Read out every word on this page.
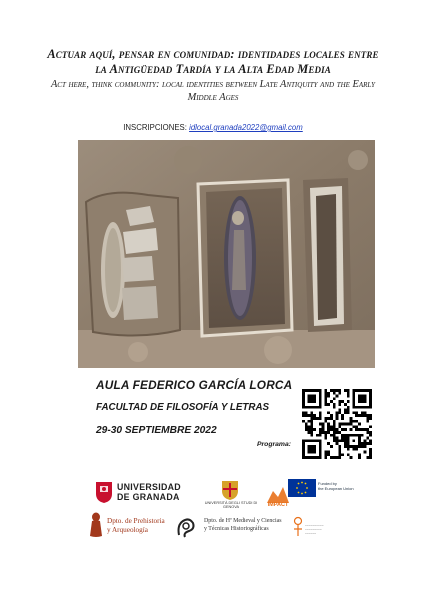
Actuar aquí, pensar en comunidad: identidades locales entre la Antigüedad Tardía y la Alta Edad Media
Act here, think community: local identities between Late Antiquity and the Early Middle Ages
INSCRIPCIONES: idlocal.granada2022@gmail.com
AULA FEDERICO GARCÍA LORCA
FACULTAD DE FILOSOFÍA Y LETRAS
29-30 SEPTIEMBRE 2022
Programa:
UNIVERSIDAD
DE GRANADA
UNIVERSITÀ DEGLI STUDI DI GENOVA
Funded by
the European Union
IMPACT
Dpto. de Prehistoria
y Arqueología
Dpto. de Hª Medieval y Ciencias
y Técnicas Historiográficas	~~~~~~~~~~
~~~~~~~~~
~~~~~~
